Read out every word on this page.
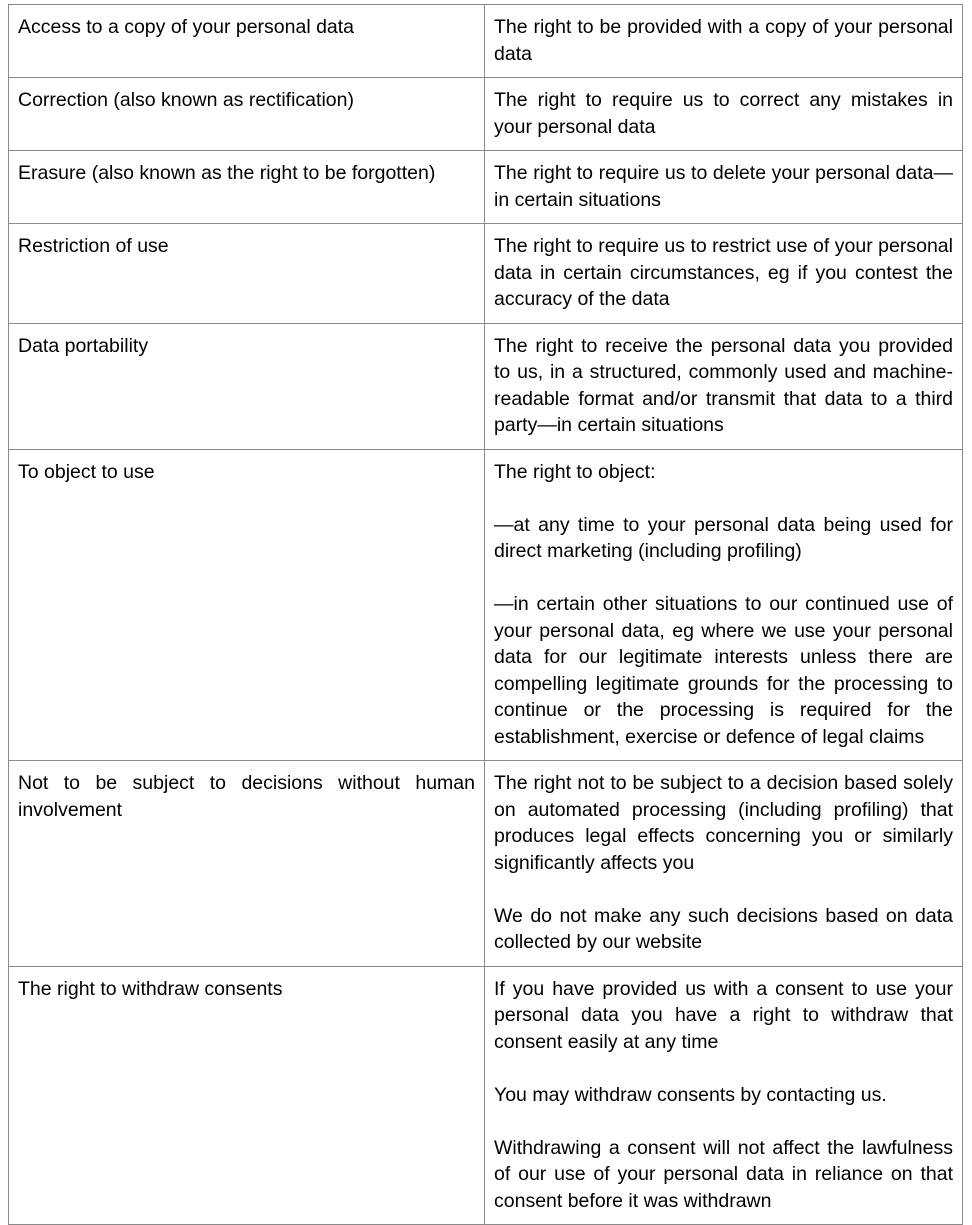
Access to a copy of your personal data	The right to be provided with a copy of your personal data

Correction (also known as rectification)	The right to require us to correct any mistakes in your personal data

Erasure (also known as the right to be forgotten)	The right to require us to delete your personal data—in certain situations

Restriction of use	The right to require us to restrict use of your personal data in certain circumstances, eg if you contest the accuracy of the data

Data portability	The right to receive the personal data you provided to us, in a structured, commonly used and machine-readable format and/or transmit that data to a third party—in certain situations

To object to use	The right to object:
—at any time to your personal data being used for direct marketing (including profiling)
—in certain other situations to our continued use of your personal data, eg where we use your personal data for our legitimate interests unless there are compelling legitimate grounds for the processing to continue or the processing is required for the establishment, exercise or defence of legal claims

Not to be subject to decisions without human involvement	The right not to be subject to a decision based solely on automated processing (including profiling) that produces legal effects concerning you or similarly significantly affects you
We do not make any such decisions based on data collected by our website

The right to withdraw consents	If you have provided us with a consent to use your personal data you have a right to withdraw that consent easily at any time
You may withdraw consents by contacting us.
Withdrawing a consent will not affect the lawfulness of our use of your personal data in reliance on that consent before it was withdrawn
